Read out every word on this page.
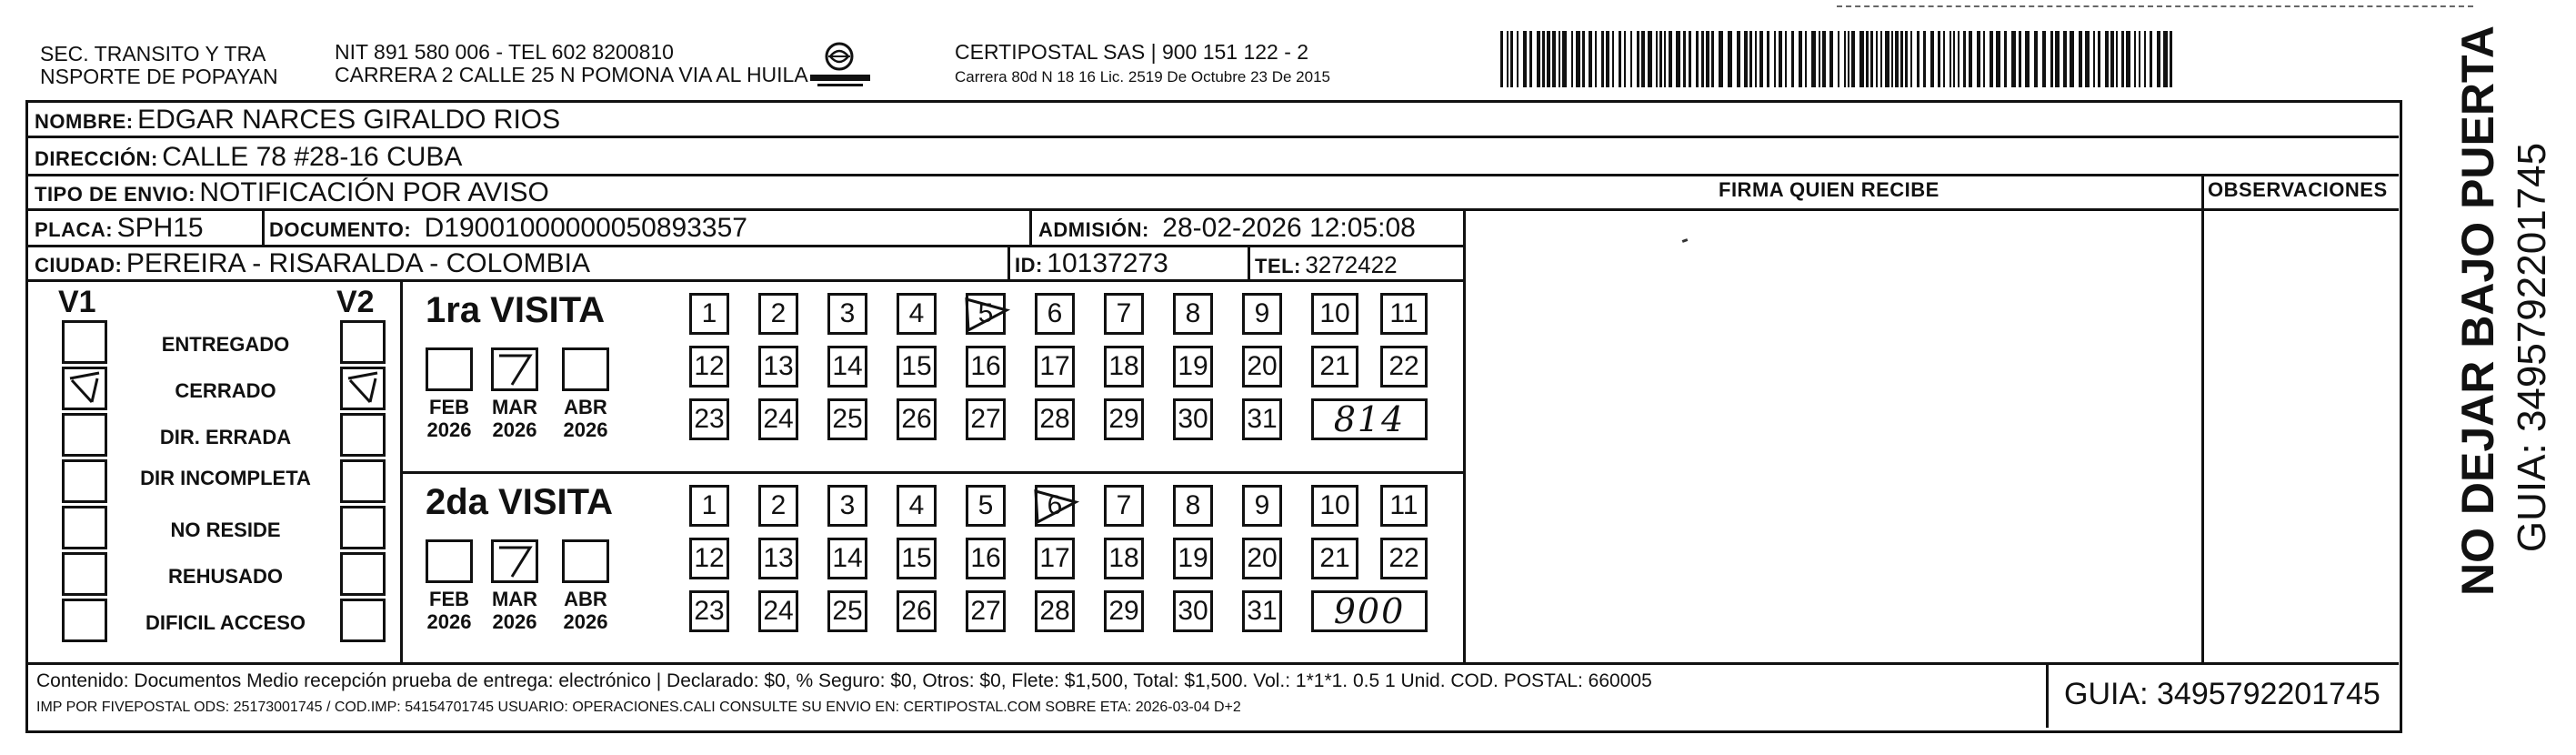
SEC. TRANSITO Y TRA
NSPORTE DE POPAYAN
NIT 891 580 006 - TEL 602 8200810
CARRERA 2 CALLE 25 N POMONA VIA AL HUILA
CERTIPOSTAL SAS | 900 151 122 - 2
Carrera 80d N 18 16 Lic. 2519 De Octubre 23 De 2015
NOMBRE: EDGAR NARCES GIRALDO RIOS
DIRECCIÓN: CALLE 78 #28-16 CUBA
TIPO DE ENVIO: NOTIFICACIÓN POR AVISO
PLACA: SPH15	DOCUMENTO: D19001000000050893357	ADMISIÓN: 28-02-2026 12:05:08
CIUDAD: PEREIRA - RISARALDA - COLOMBIA	ID: 10137273	TEL: 3272422
FIRMA QUIEN RECIBE	OBSERVACIONES
V1	V2
ENTREGADO
CERRADO
DIR. ERRADA
DIR INCOMPLETA
NO RESIDE
REHUSADO
DIFICIL ACCESO
1ra VISITA
FEB
2026
MAR
2026
ABR
2026
1	2	3	4	5	6	7	8	9	10	11
12 13 14 15 16 17 18 19 20	21	22
23 24 25 26 27 28 29 30 31	814
2da VISITA
FEB
2026
MAR
2026
ABR
2026
1	2	3	4	5	6	7	8	9	10	11
12 13 14 15 16 17 18 19 20	21	22
23 24 25 26 27 28 29 30 31	900
Contenido: Documentos Medio recepción prueba de entrega: electrónico | Declarado: $0, % Seguro: $0, Otros: $0, Flete: $1,500, Total: $1,500. Vol.: 1*1*1. 0.5 1 Unid. COD. POSTAL: 660005
IMP POR FIVEPOSTAL ODS: 25173001745 / COD.IMP: 54154701745 USUARIO: OPERACIONES.CALI CONSULTE SU ENVIO EN: CERTIPOSTAL.COM SOBRE ETA: 2026-03-04 D+2	GUIA: 3495792201745
NO DEJAR BAJO PUERTA GUIA: 3495792201745
